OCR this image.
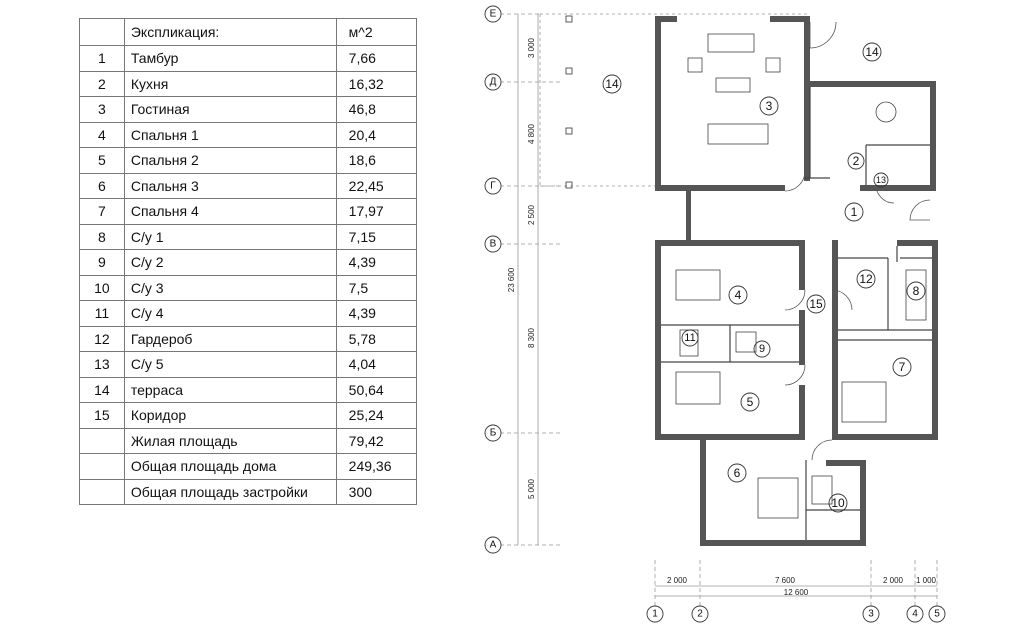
	Экспликация:	м^2
1	Тамбур	7,66
2	Кухня	16,32
3	Гостиная	46,8
4	Спальня 1	20,4
5	Спальня 2	18,6
6	Спальня 3	22,45
7	Спальня 4	17,97
8	С/у 1	7,15
9	С/у 2	4,39
10	С/у 3	7,5
11	С/у 4	4,39
12	Гардероб	5,78
13	С/у 5	4,04
14	терраса	50,64
15	Коридор	25,24
	Жилая площадь	79,42
	Общая площадь дома	249,36
	Общая площадь застройки	300
14
14
3
2
13
1
4
12
8
15
11
9
7
5
6
10
Е
Д
Г
В
Б
А
1	2	3	4 5
3 000
4 800
2 500
8 300
5 000
23 600
2 000	7 600	2 000 1 000
12 600
